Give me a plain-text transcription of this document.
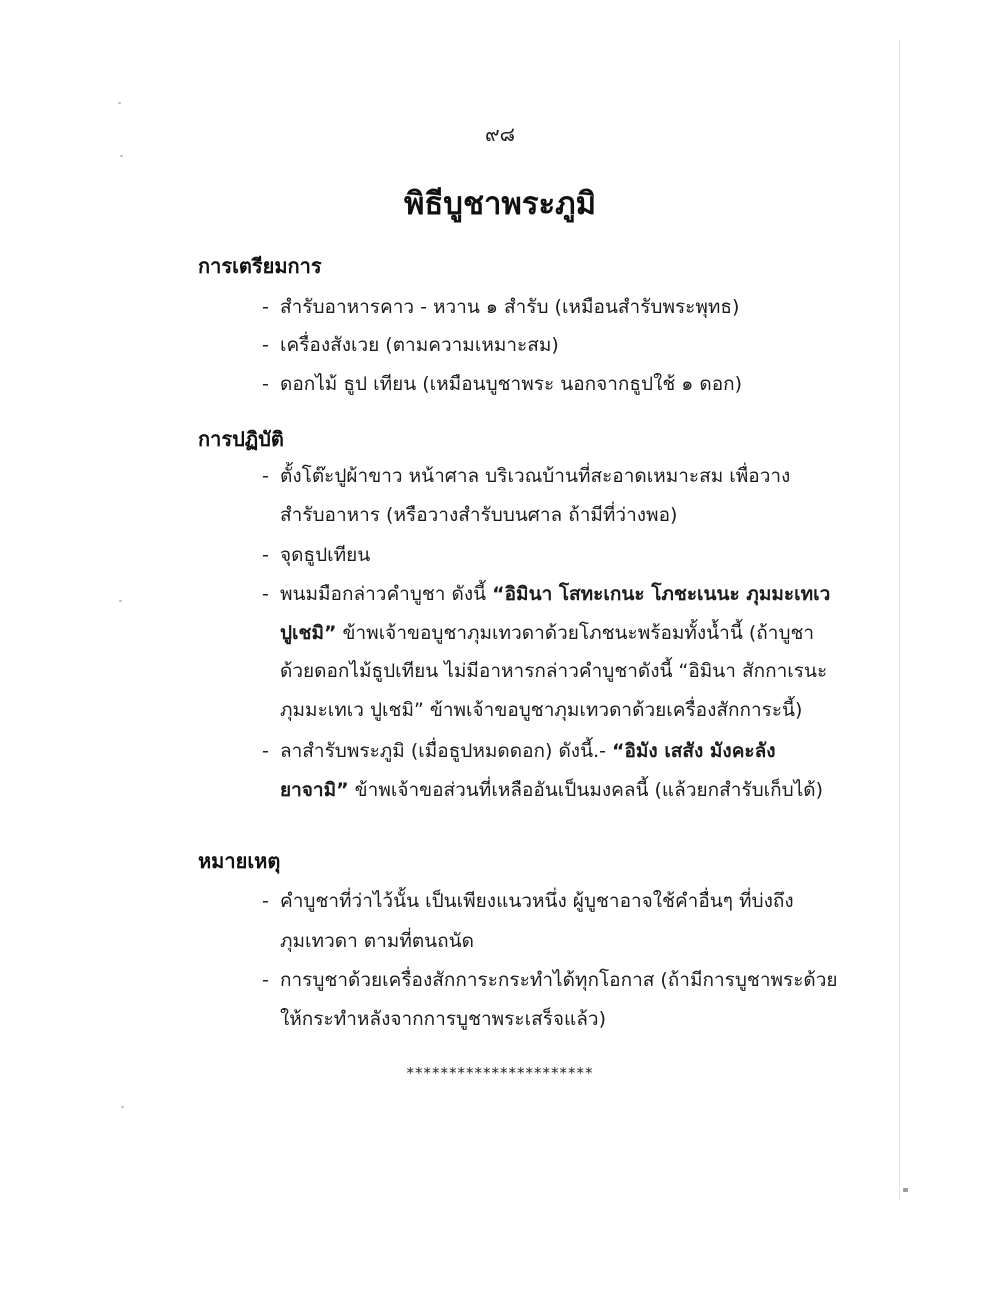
๙๘
พิธีบูชาพระภูมิ
การเตรียมการ
- สำรับอาหารคาว - หวาน ๑ สำรับ (เหมือนสำรับพระพุทธ)
- เครื่องสังเวย (ตามความเหมาะสม)
- ดอกไม้ ธูป เทียน (เหมือนบูชาพระ นอกจากธูปใช้ ๑ ดอก)
การปฏิบัติ
- ตั้งโต๊ะปูผ้าขาว หน้าศาล บริเวณบ้านที่สะอาดเหมาะสม เพื่อวาง
สำรับอาหาร (หรือวางสำรับบนศาล ถ้ามีที่ว่างพอ)
- จุดธูปเทียน
- พนมมือกล่าวคำบูชา ดังนี้ “อิมินา โสทะเกนะ โภชะเนนะ ภุมมะเทเว
ปูเชมิ” ข้าพเจ้าขอบูชาภุมเทวดาด้วยโภชนะพร้อมทั้งน้ำนี้ (ถ้าบูชา
ด้วยดอกไม้ธูปเทียน ไม่มีอาหารกล่าวคำบูชาดังนี้ “อิมินา สักกาเรนะ
ภุมมะเทเว ปูเชมิ” ข้าพเจ้าขอบูชาภุมเทวดาด้วยเครื่องสักการะนี้)
- ลาสำรับพระภูมิ (เมื่อธูปหมดดอก) ดังนี้.- “อิมัง เสสัง มังคะลัง
ยาจามิ” ข้าพเจ้าขอส่วนที่เหลืออันเป็นมงคลนี้ (แล้วยกสำรับเก็บได้)
หมายเหตุ
- คำบูชาที่ว่าไว้นั้น เป็นเพียงแนวหนึ่ง ผู้บูชาอาจใช้คำอื่นๆ ที่บ่งถึง
ภุมเทวดา ตามที่ตนถนัด
- การบูชาด้วยเครื่องสักการะกระทำได้ทุกโอกาส (ถ้ามีการบูชาพระด้วย
ให้กระทำหลังจากการบูชาพระเสร็จแล้ว)
**********************
